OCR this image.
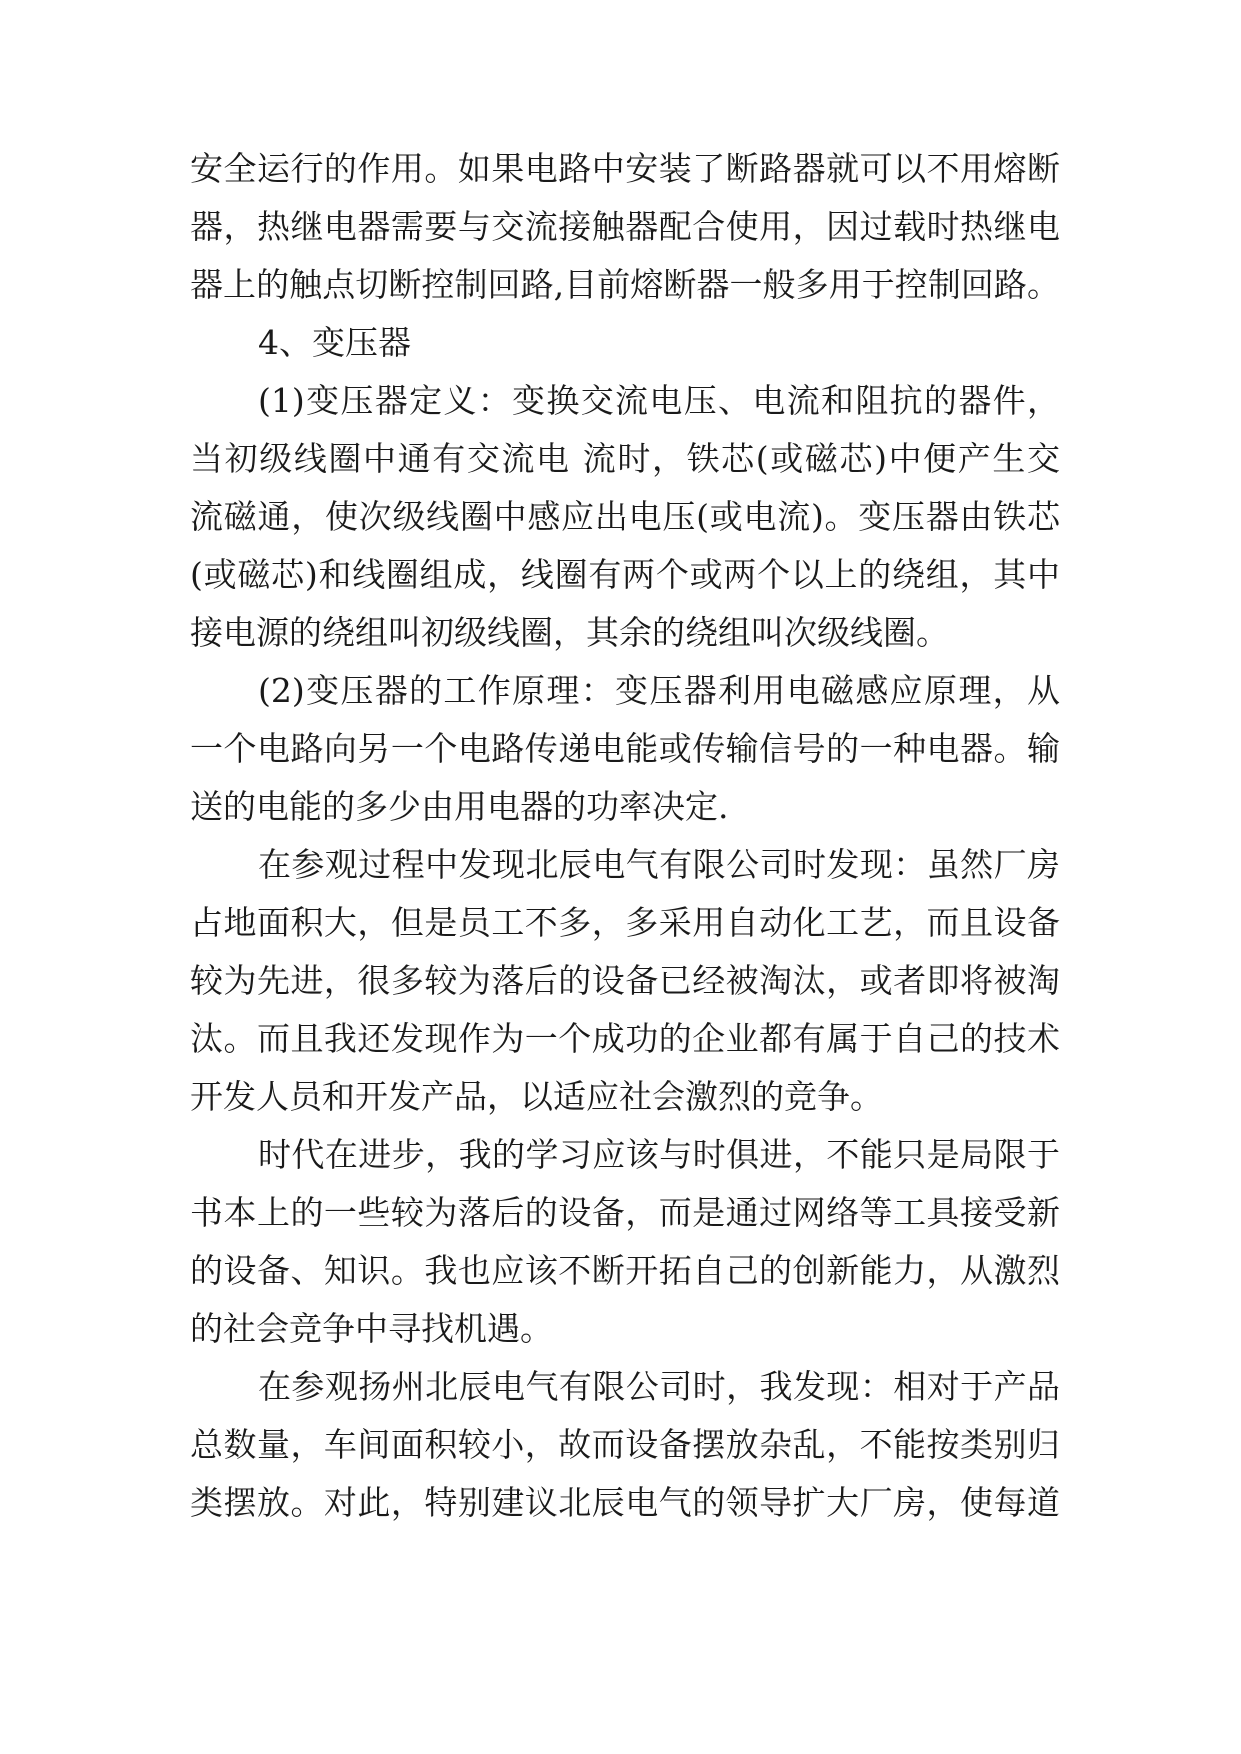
安全运行的作用。如果电路中安装了断路器就可以不用熔断
器，热继电器需要与交流接触器配合使用，因过载时热继电
器上的触点切断控制回路,目前熔断器一般多用于控制回路。
4、变压器
(1)变压器定义：变换交流电压、电流和阻抗的器件，
当初级线圈中通有交流电 流时，铁芯(或磁芯)中便产生交
流磁通，使次级线圈中感应出电压(或电流)。变压器由铁芯
(或磁芯)和线圈组成，线圈有两个或两个以上的绕组，其中
接电源的绕组叫初级线圈，其余的绕组叫次级线圈。
(2)变压器的工作原理：变压器利用电磁感应原理，从
一个电路向另一个电路传递电能或传输信号的一种电器。输
送的电能的多少由用电器的功率决定.
在参观过程中发现北辰电气有限公司时发现：虽然厂房
占地面积大，但是员工不多，多采用自动化工艺，而且设备
较为先进，很多较为落后的设备已经被淘汰，或者即将被淘
汰。而且我还发现作为一个成功的企业都有属于自己的技术
开发人员和开发产品，以适应社会激烈的竞争。
时代在进步，我的学习应该与时俱进，不能只是局限于
书本上的一些较为落后的设备，而是通过网络等工具接受新
的设备、知识。我也应该不断开拓自己的创新能力，从激烈
的社会竞争中寻找机遇。
在参观扬州北辰电气有限公司时，我发现：相对于产品
总数量，车间面积较小，故而设备摆放杂乱，不能按类别归
类摆放。对此，特别建议北辰电气的领导扩大厂房，使每道
